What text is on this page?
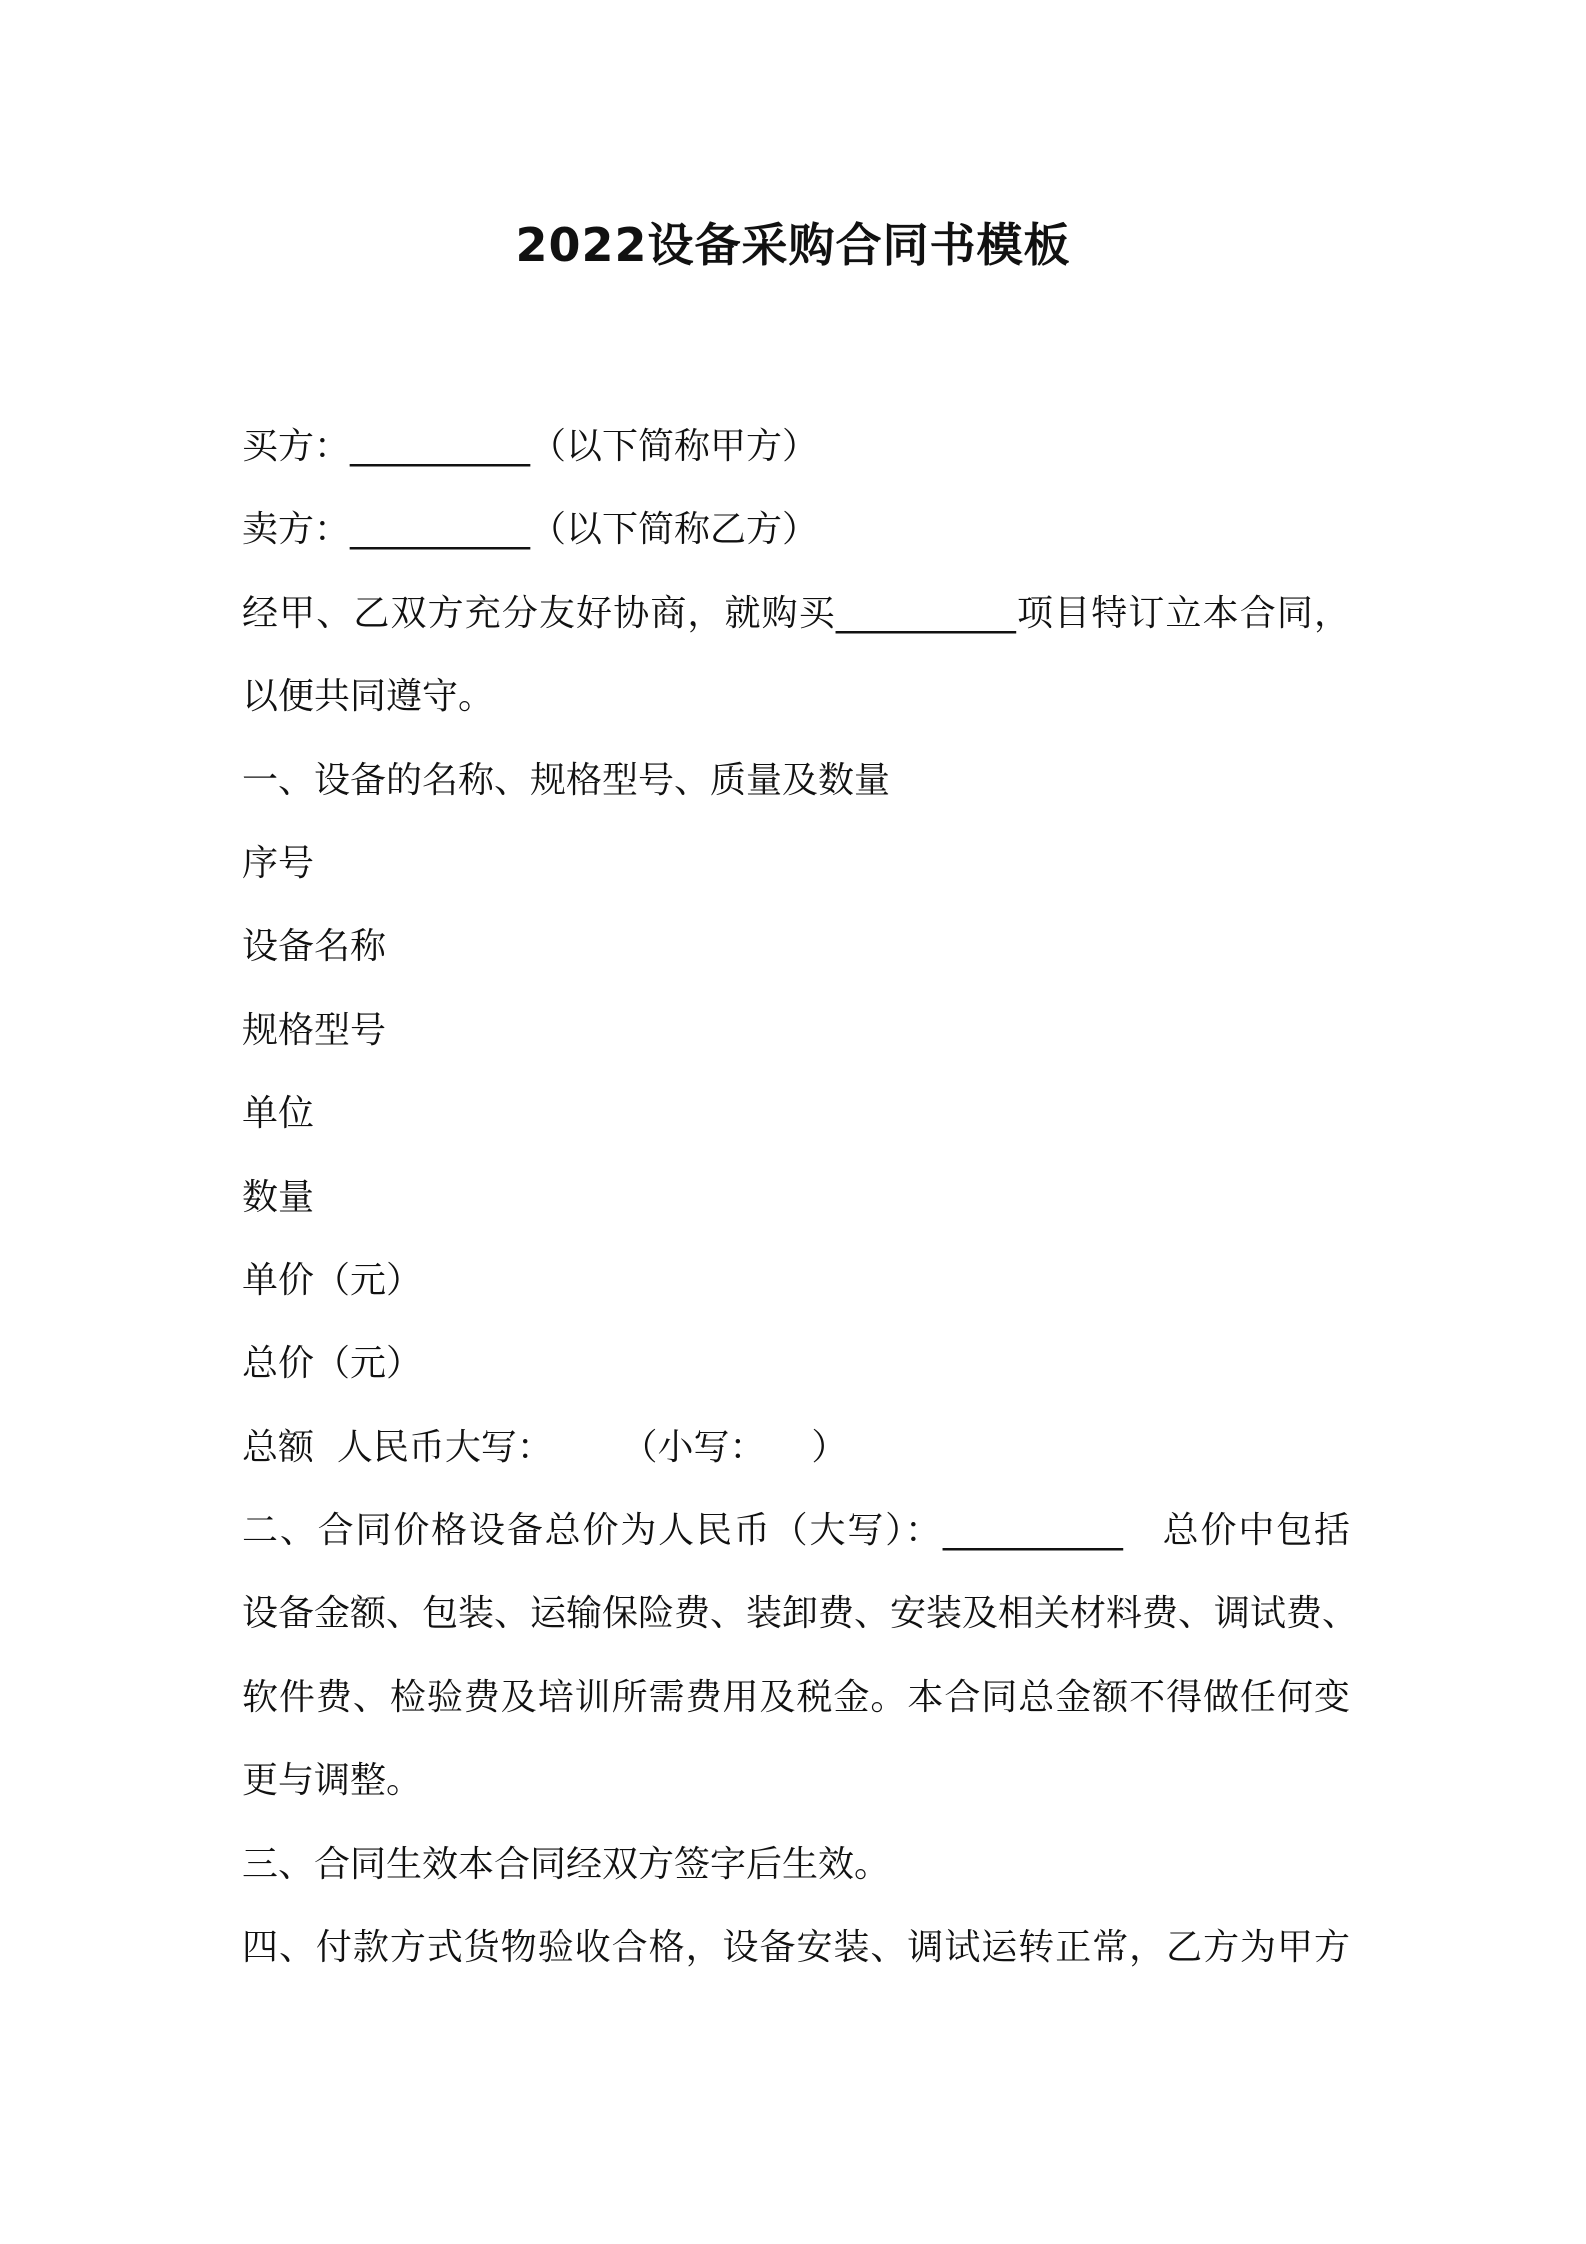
2022设备采购合同书模板
买方：__________（以下简称甲方）
卖方：__________（以下简称乙方）
经甲、乙双方充分友好协商，就购买__________项目特订立本合同，
以便共同遵守。
一、设备的名称、规格型号、质量及数量
序号
设备名称
规格型号
单位
数量
单价（元）
总价（元）
总额  人民币大写：      （小写：    ）
二、合同价格设备总价为人民币（大写）：__________   总价中包括
设备金额、包装、运输保险费、装卸费、安装及相关材料费、调试费、
软件费、检验费及培训所需费用及税金。本合同总金额不得做任何变
更与调整。
三、合同生效本合同经双方签字后生效。
四、付款方式货物验收合格，设备安装、调试运转正常，乙方为甲方
